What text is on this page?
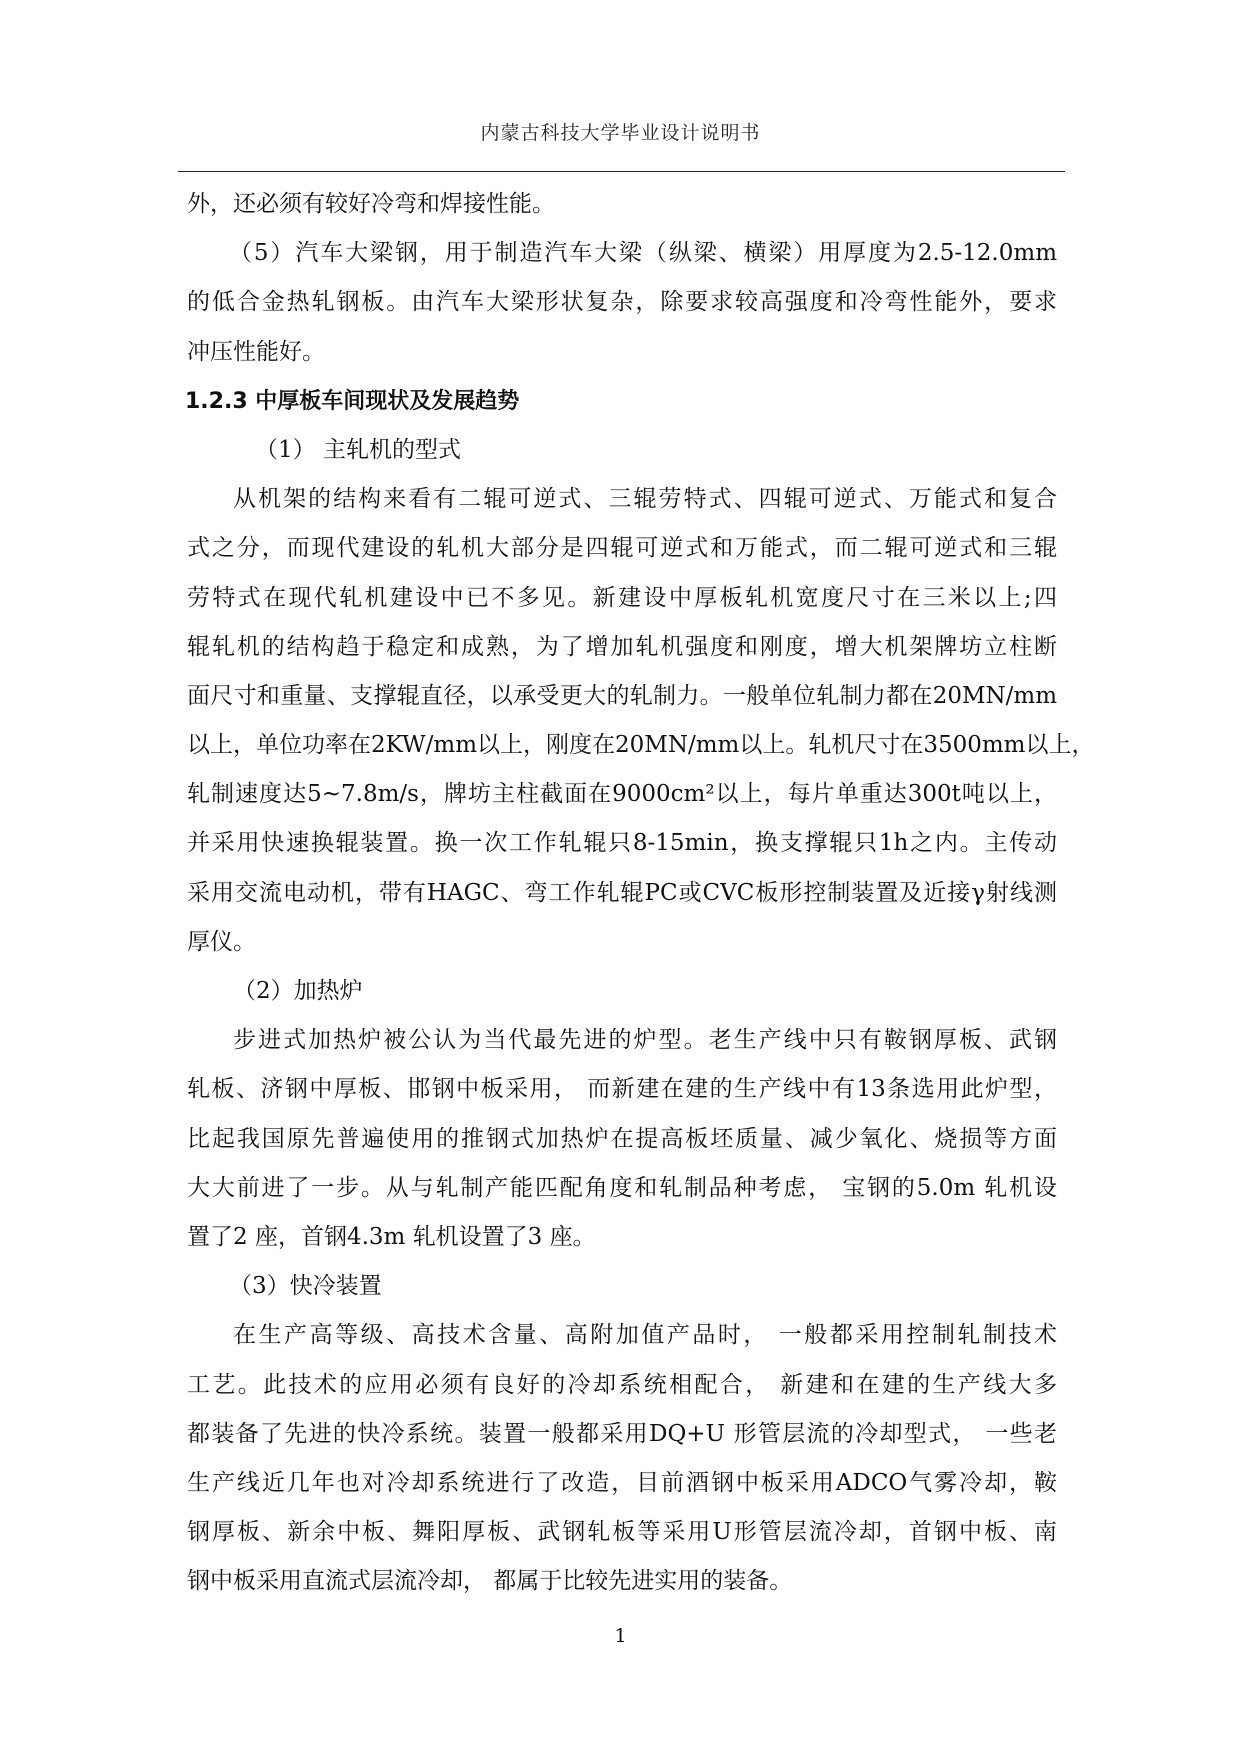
内蒙古科技大学毕业设计说明书
外，还必须有较好冷弯和焊接性能。
（5）汽车大梁钢，用于制造汽车大梁（纵梁、横梁）用厚度为2.5-12.0mm
的低合金热轧钢板。由汽车大梁形状复杂，除要求较高强度和冷弯性能外，要求
冲压性能好。
1.2.3 中厚板车间现状及发展趋势
（1） 主轧机的型式
从机架的结构来看有二辊可逆式、三辊劳特式、四辊可逆式、万能式和复合
式之分，而现代建设的轧机大部分是四辊可逆式和万能式，而二辊可逆式和三辊
劳特式在现代轧机建设中已不多见。新建设中厚板轧机宽度尺寸在三米以上;四
辊轧机的结构趋于稳定和成熟，为了增加轧机强度和刚度，增大机架牌坊立柱断
面尺寸和重量、支撑辊直径，以承受更大的轧制力。一般单位轧制力都在20MN/mm
以上，单位功率在2KW/mm以上，刚度在20MN/mm以上。轧机尺寸在3500mm以上，
轧制速度达5~7.8m/s，牌坊主柱截面在9000cm²以上，每片单重达300t吨以上，
并采用快速换辊装置。换一次工作轧辊只8-15min，换支撑辊只1h之内。主传动
采用交流电动机，带有HAGC、弯工作轧辊PC或CVC板形控制装置及近接γ射线测
厚仪。
（2）加热炉
步进式加热炉被公认为当代最先进的炉型。老生产线中只有鞍钢厚板、武钢
轧板、济钢中厚板、邯钢中板采用， 而新建在建的生产线中有13条选用此炉型，
比起我国原先普遍使用的推钢式加热炉在提高板坯质量、减少氧化、烧损等方面
大大前进了一步。从与轧制产能匹配角度和轧制品种考虑， 宝钢的5.0m 轧机设
置了2 座，首钢4.3m 轧机设置了3 座。
（3）快冷装置
在生产高等级、高技术含量、高附加值产品时， 一般都采用控制轧制技术
工艺。此技术的应用必须有良好的冷却系统相配合， 新建和在建的生产线大多
都装备了先进的快冷系统。装置一般都采用DQ+U 形管层流的冷却型式， 一些老
生产线近几年也对冷却系统进行了改造，目前酒钢中板采用ADCO气雾冷却，鞍
钢厚板、新余中板、舞阳厚板、武钢轧板等采用U形管层流冷却，首钢中板、南
钢中板采用直流式层流冷却， 都属于比较先进实用的装备。
1
